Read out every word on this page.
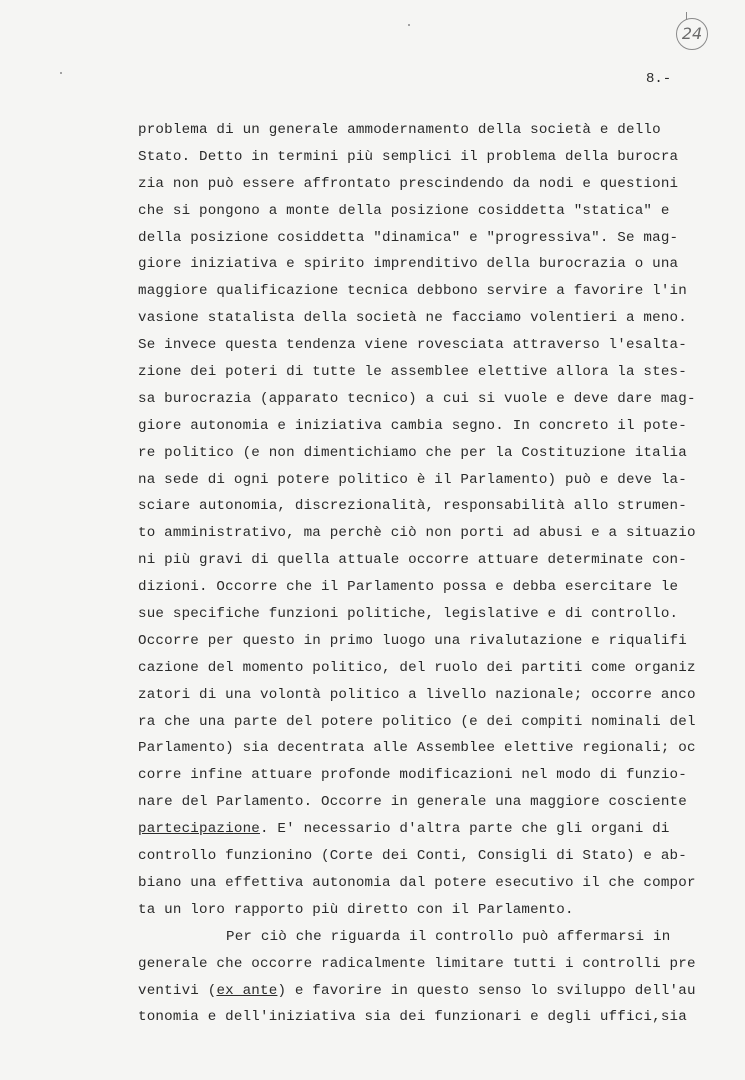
24
8.-
problema di un generale ammodernamento della società e dello
Stato. Detto in termini più semplici il problema della burocra
zia non può essere affrontato prescindendo da nodi e questioni
che si pongono a monte della posizione cosiddetta "statica" e
della posizione cosiddetta "dinamica" e "progressiva". Se mag-
giore iniziativa e spirito imprenditivo della burocrazia o una
maggiore qualificazione tecnica debbono servire a favorire l'in
vasione statalista della società ne facciamo volentieri a meno.
Se invece questa tendenza viene rovesciata attraverso l'esalta-
zione dei poteri di tutte le assemblee elettive allora la stes-
sa burocrazia (apparato tecnico) a cui si vuole e deve dare mag-
giore autonomia e iniziativa cambia segno. In concreto il pote-
re politico (e non dimentichiamo che per la Costituzione italia
na sede di ogni potere politico è il Parlamento) può e deve la-
sciare autonomia, discrezionalità, responsabilità allo strumen-
to amministrativo, ma perchè ciò non porti ad abusi e a situazio
ni più gravi di quella attuale occorre attuare determinate con-
dizioni. Occorre che il Parlamento possa e debba esercitare le
sue specifiche funzioni politiche, legislative e di controllo.
Occorre per questo in primo luogo una rivalutazione e riqualifi
cazione del momento politico, del ruolo dei partiti come organiz
zatori di una volontà politico a livello nazionale; occorre anco
ra che una parte del potere politico (e dei compiti nominali del
Parlamento) sia decentrata alle Assemblee elettive regionali; oc
corre infine attuare profonde modificazioni nel modo di funzio-
nare del Parlamento. Occorre in generale una maggiore cosciente
partecipazione. E' necessario d'altra parte che gli organi di
controllo funzionino (Corte dei Conti, Consigli di Stato) e ab-
biano una effettiva autonomia dal potere esecutivo il che compor
ta un loro rapporto più diretto con il Parlamento.
Per ciò che riguarda il controllo può affermarsi in
generale che occorre radicalmente limitare tutti i controlli pre
ventivi (ex ante) e favorire in questo senso lo sviluppo dell'au
tonomia e dell'iniziativa sia dei funzionari e degli uffici,sia
